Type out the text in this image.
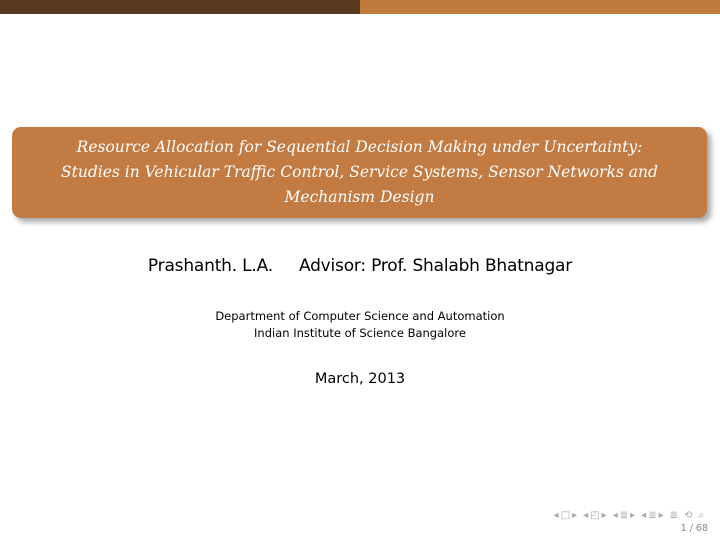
Resource Allocation for Sequential Decision Making under Uncertainty:
Studies in Vehicular Traffic Control, Service Systems, Sensor Networks and
Mechanism Design
Prashanth. L.A. Advisor: Prof. Shalabh Bhatnagar
Department of Computer Science and Automation
Indian Institute of Science Bangalore
March, 2013
◂ □ ▸ ◂ ◰ ▸ ◂ ≣ ▸ ◂ ≣ ▸ ≣ ⟲ ⌕
1 / 68
